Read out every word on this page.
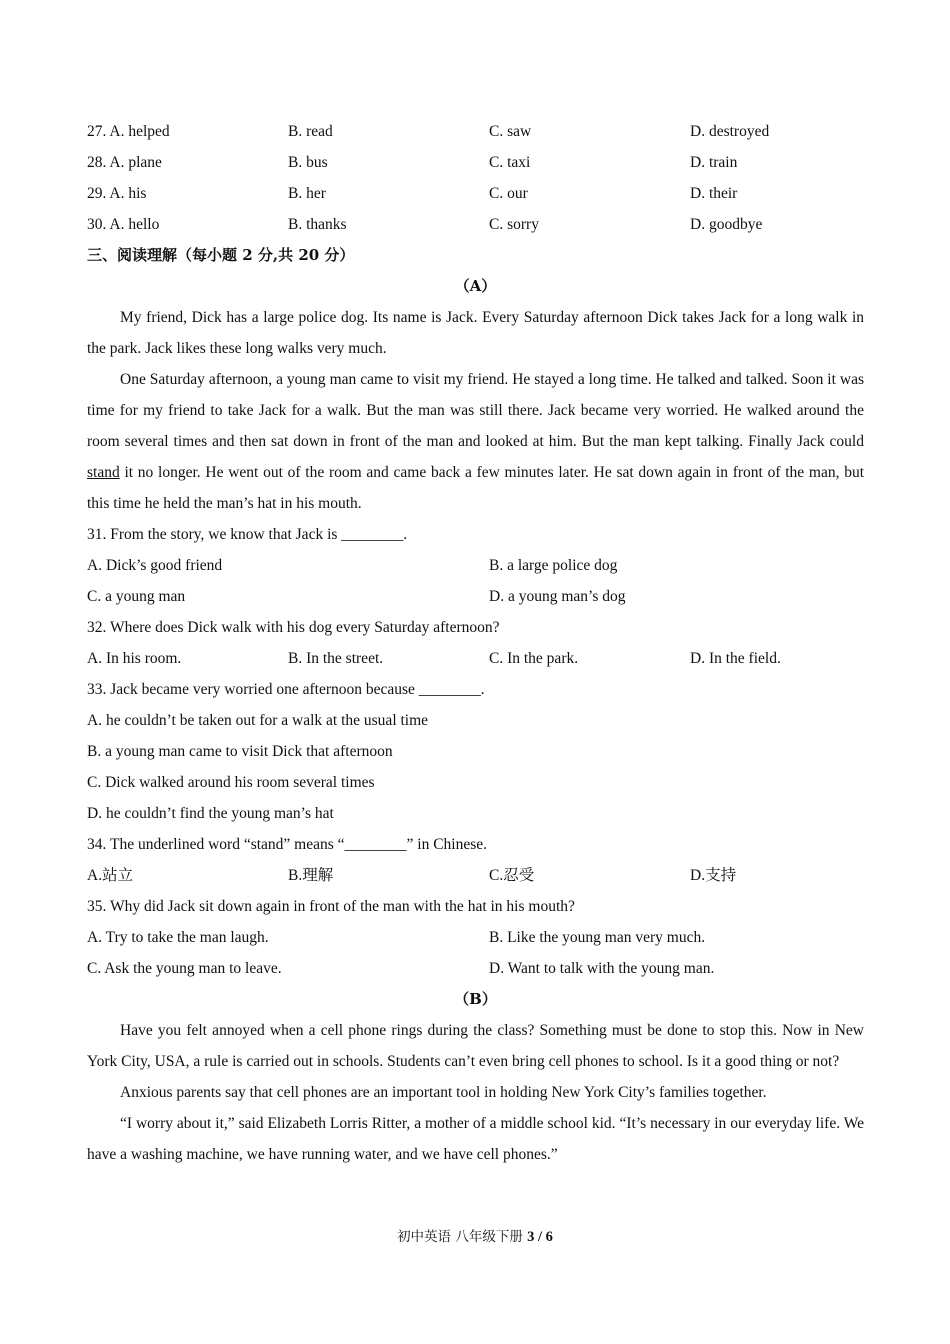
27. A. helped	B. read	C. saw	D. destroyed
28. A. plane	B. bus	C. taxi	D. train
29. A. his	B. her	C. our	D. their
30. A. hello	B. thanks	C. sorry	D. goodbye
三、阅读理解（每小题 2 分,共 20 分）
（A）
My friend, Dick has a large police dog. Its name is Jack. Every Saturday afternoon Dick takes Jack for a long walk in the park. Jack likes these long walks very much.
One Saturday afternoon, a young man came to visit my friend. He stayed a long time. He talked and talked. Soon it was time for my friend to take Jack for a walk. But the man was still there. Jack became very worried. He walked around the room several times and then sat down in front of the man and looked at him. But the man kept talking. Finally Jack could stand it no longer. He went out of the room and came back a few minutes later. He sat down again in front of the man, but this time he held the man’s hat in his mouth.
31. From the story, we know that Jack is ________.
A. Dick’s good friend	B. a large police dog
C. a young man	D. a young man’s dog
32. Where does Dick walk with his dog every Saturday afternoon?
A. In his room.	B. In the street.	C. In the park.	D. In the field.
33. Jack became very worried one afternoon because ________.
A. he couldn’t be taken out for a walk at the usual time
B. a young man came to visit Dick that afternoon
C. Dick walked around his room several times
D. he couldn’t find the young man’s hat
34. The underlined word “stand” means “________” in Chinese.
A.站立	B.理解	C.忍受	D.支持
35. Why did Jack sit down again in front of the man with the hat in his mouth?
A. Try to take the man laugh.	B. Like the young man very much.
C. Ask the young man to leave.	D. Want to talk with the young man.
（B）
Have you felt annoyed when a cell phone rings during the class? Something must be done to stop this. Now in New York City, USA, a rule is carried out in schools. Students can’t even bring cell phones to school. Is it a good thing or not?
Anxious parents say that cell phones are an important tool in holding New York City’s families together.
“I worry about it,” said Elizabeth Lorris Ritter, a mother of a middle school kid. “It’s necessary in our everyday life. We have a washing machine, we have running water, and we have cell phones.”
初中英语 八年级下册 3 / 6
